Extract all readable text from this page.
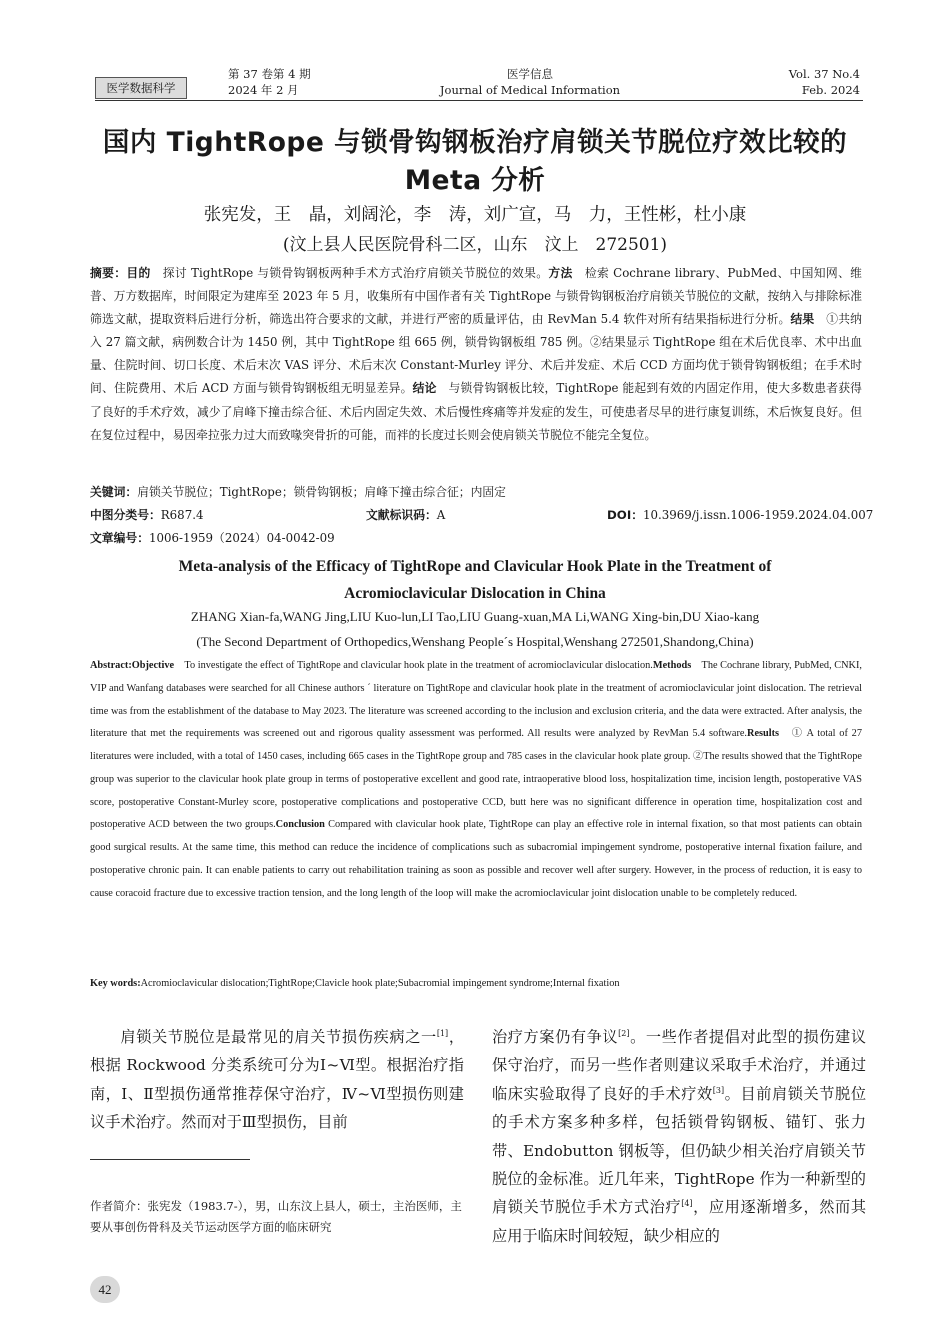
医学数据科学
第 37 卷第 4 期
2024 年 2 月
医学信息
Journal of Medical Information
Vol. 37 No.4
Feb. 2024
国内 TightRope 与锁骨钩钢板治疗肩锁关节脱位疗效比较的
Meta 分析
张宪发，王　晶，刘阔沦，李　涛，刘广宣，马　力，王性彬，杜小康
(汶上县人民医院骨科二区，山东　汶上　272501)

摘要：目的　探讨 TightRope 与锁骨钩钢板两种手术方式治疗肩锁关节脱位的效果。方法　检索 Cochrane library、PubMed、中国知网、维普、万方数据库，时间限定为建库至 2023 年 5 月，收集所有中国作者有关 TightRope 与锁骨钩钢板治疗肩锁关节脱位的文献，按纳入与排除标准筛选文献，提取资料后进行分析，筛选出符合要求的文献，并进行严密的质量评估，由 RevMan 5.4 软件对所有结果指标进行分析。结果　①共纳入 27 篇文献，病例数合计为 1450 例，其中 TightRope 组 665 例，锁骨钩钢板组 785 例。②结果显示 TightRope 组在术后优良率、术中出血量、住院时间、切口长度、术后末次 VAS 评分、术后末次 Constant-Murley 评分、术后并发症、术后 CCD 方面均优于锁骨钩钢板组；在手术时间、住院费用、术后 ACD 方面与锁骨钩钢板组无明显差异。结论　与锁骨钩钢板比较，TightRope 能起到有效的内固定作用，使大多数患者获得了良好的手术疗效，减少了肩峰下撞击综合征、术后内固定失效、术后慢性疼痛等并发症的发生，可使患者尽早的进行康复训练，术后恢复良好。但在复位过程中，易因牵拉张力过大而致喙突骨折的可能，而袢的长度过长则会使肩锁关节脱位不能完全复位。

关键词：肩锁关节脱位；TightRope；锁骨钩钢板；肩峰下撞击综合征；内固定

中图分类号：R687.4	文献标识码：A	DOI：10.3969/j.issn.1006-1959.2024.04.007

文章编号：1006-1959（2024）04-0042-09

Meta-analysis of the Efficacy of TightRope and Clavicular Hook Plate in the Treatment of
Acromioclavicular Dislocation in China
ZHANG Xian-fa,WANG Jing,LIU Kuo-lun,LI Tao,LIU Guang-xuan,MA Li,WANG Xing-bin,DU Xiao-kang
(The Second Department of Orthopedics,Wenshang People´s Hospital,Wenshang 272501,Shandong,China)

Abstract:Objective　To investigate the effect of TightRope and clavicular hook plate in the treatment of acromioclavicular dislocation.Methods　The Cochrane library, PubMed, CNKI, VIP and Wanfang databases were searched for all Chinese authors ´ literature on TightRope and clavicular hook plate in the treatment of acromioclavicular joint dislocation. The retrieval time was from the establishment of the database to May 2023. The literature was screened according to the inclusion and exclusion criteria, and the data were extracted. After analysis, the literature that met the requirements was screened out and rigorous quality assessment was performed. All results were analyzed by RevMan 5.4 software.Results　① A total of 27 literatures were included, with a total of 1450 cases, including 665 cases in the TightRope group and 785 cases in the clavicular hook plate group. ②The results showed that the TightRope group was superior to the clavicular hook plate group in terms of postoperative excellent and good rate, intraoperative blood loss, hospitalization time, incision length, postoperative VAS score, postoperative Constant-Murley score, postoperative complications and postoperative CCD, butt here was no significant difference in operation time, hospitalization cost and postoperative ACD between the two groups.Conclusion Compared with clavicular hook plate, TightRope can play an effective role in internal fixation, so that most patients can obtain good surgical results. At the same time, this method can reduce the incidence of complications such as subacromial impingement syndrome, postoperative internal fixation failure, and postoperative chronic pain. It can enable patients to carry out rehabilitation training as soon as possible and recover well after surgery. However, in the process of reduction, it is easy to cause coracoid fracture due to excessive traction tension, and the long length of the loop will make the acromioclavicular joint dislocation unable to be completely reduced.

Key words:Acromioclavicular dislocation;TightRope;Clavicle hook plate;Subacromial impingement syndrome;Internal fixation

肩锁关节脱位是最常见的肩关节损伤疾病之一[1]，根据 Rockwood 分类系统可分为Ⅰ~Ⅵ型。根据治疗指南，Ⅰ、Ⅱ型损伤通常推荐保守治疗，Ⅳ~Ⅵ型损伤则建议手术治疗。然而对于Ⅲ型损伤，目前

治疗方案仍有争议[2]。一些作者提倡对此型的损伤建议保守治疗，而另一些作者则建议采取手术治疗，并通过临床实验取得了良好的手术疗效[3]。目前肩锁关节脱位的手术方案多种多样，包括锁骨钩钢板、锚钉、张力带、Endobutton 钢板等，但仍缺少相关治疗肩锁关节脱位的金标准。近几年来，TightRope 作为一种新型的肩锁关节脱位手术方式治疗[4]，应用逐渐增多，然而其应用于临床时间较短，缺少相应的

作者简介：张宪发（1983.7-），男，山东汶上县人，硕士，主治医师，主要从事创伤骨科及关节运动医学方面的临床研究

42
